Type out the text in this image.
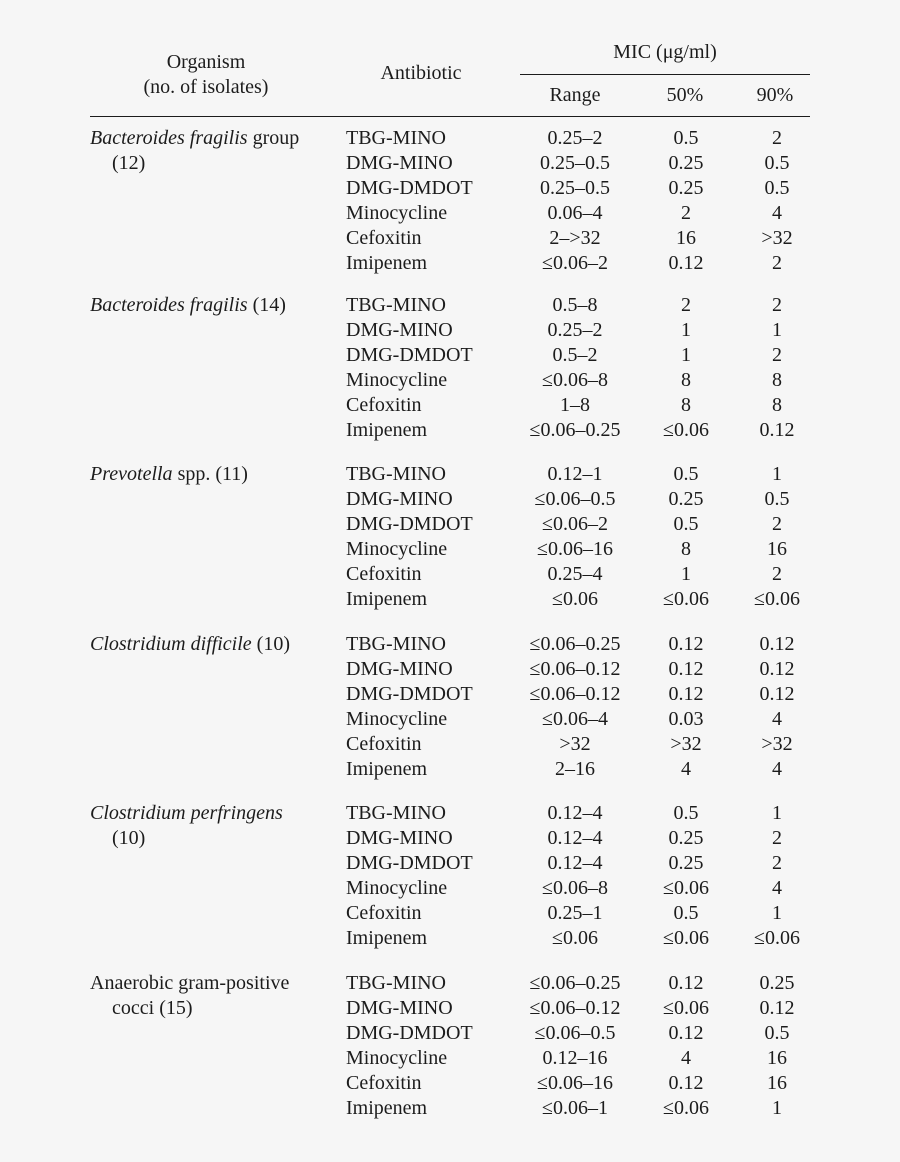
Organism
(no. of isolates)
Antibiotic
MIC (μg/ml)
Range	50%	90%
Bacteroides fragilis group
(12)
TBG-MINO	0.25–2	0.5	2
DMG-MINO	0.25–0.5	0.25	0.5
DMG-DMDOT	0.25–0.5	0.25	0.5
Minocycline	0.06–4	2	4
Cefoxitin	2–>32	16	>32
Imipenem	≤0.06–2	0.12	2
Bacteroides fragilis (14)	TBG-MINO	0.5–8	2	2
DMG-MINO	0.25–2	1	1
DMG-DMDOT	0.5–2	1	2
Minocycline	≤0.06–8	8	8
Cefoxitin	1–8	8	8
Imipenem	≤0.06–0.25	≤0.06	0.12
Prevotella spp. (11)	TBG-MINO	0.12–1	0.5	1
DMG-MINO	≤0.06–0.5	0.25	0.5
DMG-DMDOT	≤0.06–2	0.5	2
Minocycline	≤0.06–16	8	16
Cefoxitin	0.25–4	1	2
Imipenem	≤0.06	≤0.06	≤0.06
Clostridium difficile (10)	TBG-MINO	≤0.06–0.25	0.12	0.12
DMG-MINO	≤0.06–0.12	0.12	0.12
DMG-DMDOT	≤0.06–0.12	0.12	0.12
Minocycline	≤0.06–4	0.03	4
Cefoxitin	>32	>32	>32
Imipenem	2–16	4	4
Clostridium perfringens
(10)
TBG-MINO	0.12–4	0.5	1
DMG-MINO	0.12–4	0.25	2
DMG-DMDOT	0.12–4	0.25	2
Minocycline	≤0.06–8	≤0.06	4
Cefoxitin	0.25–1	0.5	1
Imipenem	≤0.06	≤0.06	≤0.06
Anaerobic gram-positive
cocci (15)
TBG-MINO	≤0.06–0.25	0.12	0.25
DMG-MINO	≤0.06–0.12	≤0.06	0.12
DMG-DMDOT	≤0.06–0.5	0.12	0.5
Minocycline	0.12–16	4	16
Cefoxitin	≤0.06–16	0.12	16
Imipenem	≤0.06–1	≤0.06	1
